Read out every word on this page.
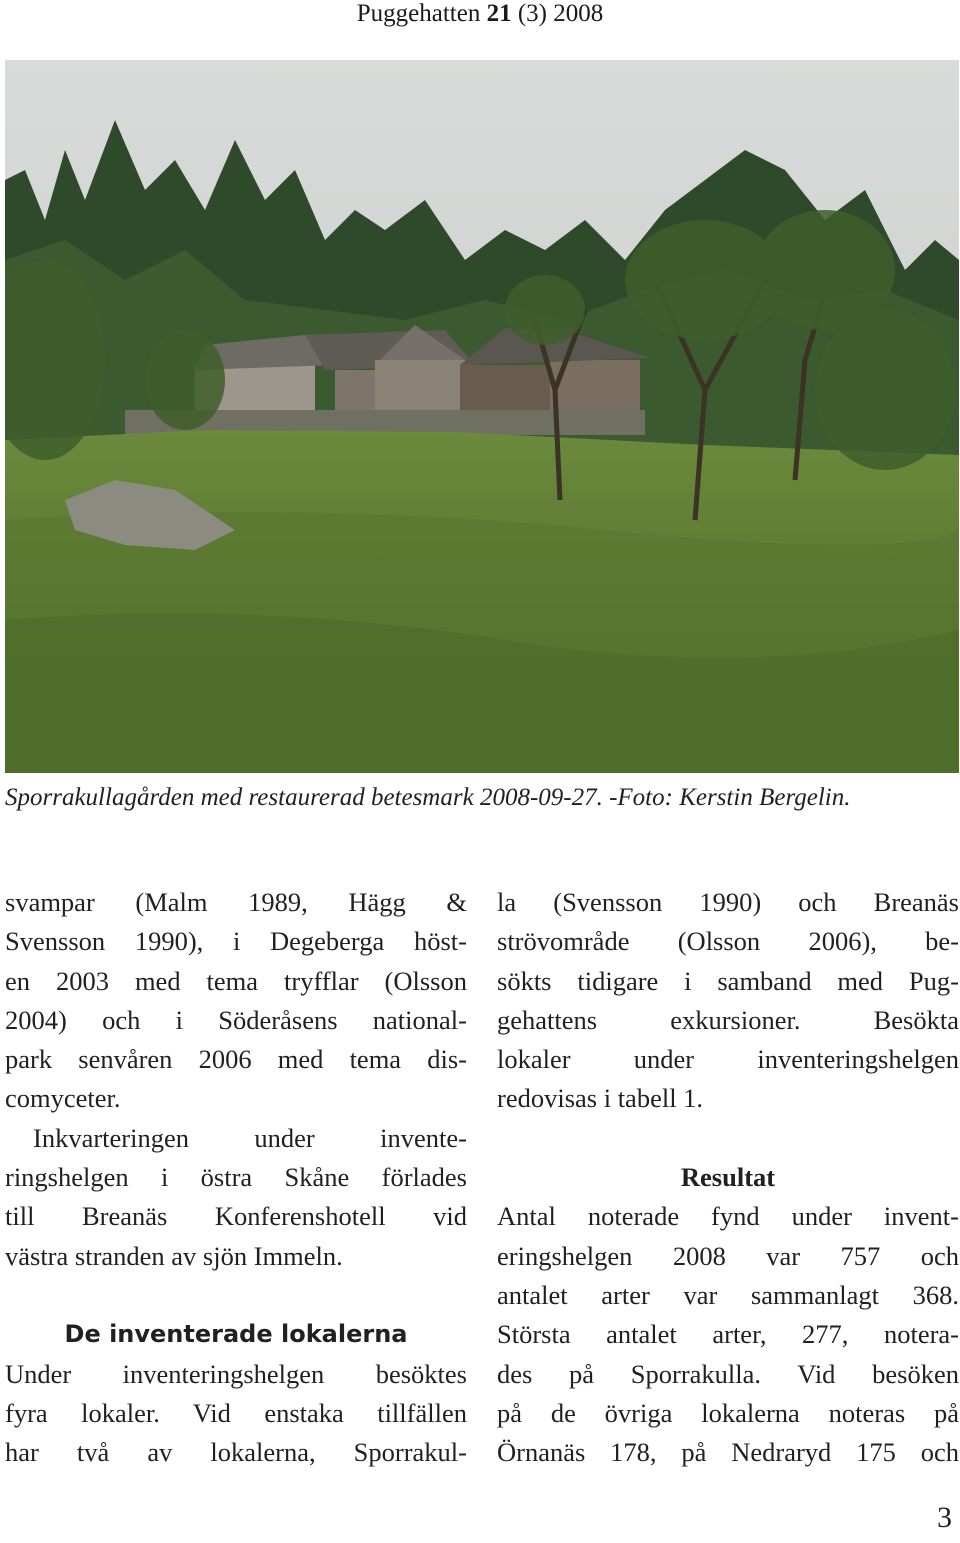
Puggehatten 21 (3) 2008
Sporrakullagården med restaurerad betesmark 2008-09-27. -Foto: Kerstin Bergelin.
svampar (Malm 1989, Hägg &
Svensson 1990), i Degeberga höst-
en 2003 med tema tryfflar (Olsson
2004) och i Söderåsens national-
park senvåren 2006 med tema dis-
comyceter.
Inkvarteringen under invente-
ringshelgen i östra Skåne förlades
till Breanäs Konferenshotell vid
västra stranden av sjön Immeln.
De inventerade lokalerna
Under inventeringshelgen besöktes
fyra lokaler. Vid enstaka tillfällen
har två av lokalerna, Sporrakul-
la (Svensson 1990) och Breanäs
strövområde (Olsson 2006), be-
sökts tidigare i samband med Pug-
gehattens exkursioner. Besökta
lokaler under inventeringshelgen
redovisas i tabell 1.
Resultat
Antal noterade fynd under invent-
eringshelgen 2008 var 757 och
antalet arter var sammanlagt 368.
Största antalet arter, 277, notera-
des på Sporrakulla. Vid besöken
på de övriga lokalerna noteras på
Örnanäs 178, på Nedraryd 175 och
3
